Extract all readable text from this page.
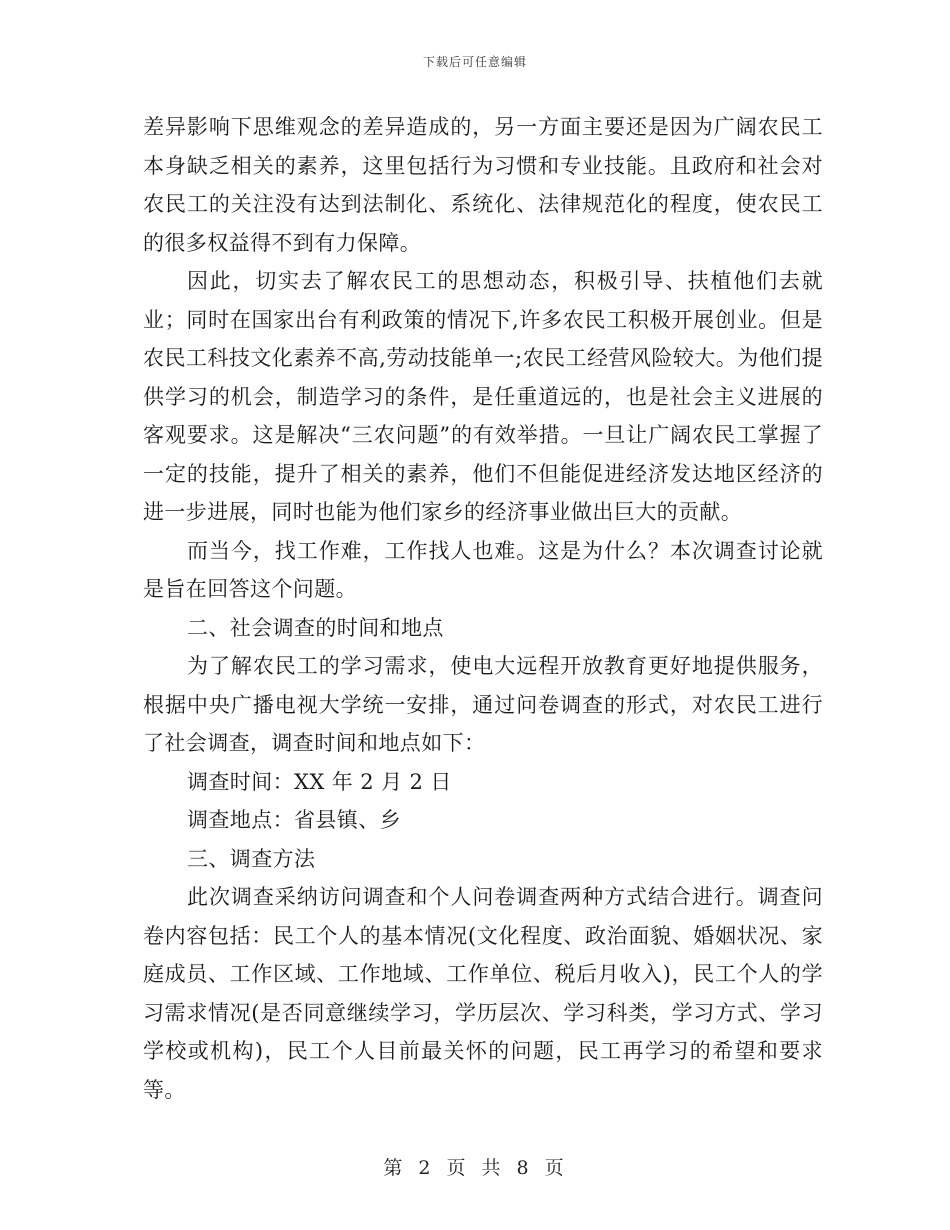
下载后可任意编辑

差异影响下思维观念的差异造成的，另一方面主要还是因为广阔农民工本身缺乏相关的素养，这里包括行为习惯和专业技能。且政府和社会对农民工的关注没有达到法制化、系统化、法律规范化的程度，使农民工的很多权益得不到有力保障。

因此，切实去了解农民工的思想动态，积极引导、扶植他们去就业；同时在国家出台有利政策的情况下,许多农民工积极开展创业。但是农民工科技文化素养不高,劳动技能单一;农民工经营风险较大。为他们提供学习的机会，制造学习的条件，是任重道远的，也是社会主义进展的客观要求。这是解决“三农问题”的有效举措。一旦让广阔农民工掌握了一定的技能，提升了相关的素养，他们不但能促进经济发达地区经济的进一步进展，同时也能为他们家乡的经济事业做出巨大的贡献。

而当今，找工作难，工作找人也难。这是为什么？本次调查讨论就是旨在回答这个问题。

二、社会调查的时间和地点

为了解农民工的学习需求，使电大远程开放教育更好地提供服务，根据中央广播电视大学统一安排，通过问卷调查的形式，对农民工进行了社会调查，调查时间和地点如下：

调查时间：XX 年 2 月 2 日

调查地点：省县镇、乡

三、调查方法

此次调查采纳访问调查和个人问卷调查两种方式结合进行。调查问卷内容包括：民工个人的基本情况(文化程度、政治面貌、婚姻状况、家庭成员、工作区域、工作地域、工作单位、税后月收入)，民工个人的学习需求情况(是否同意继续学习，学历层次、学习科类，学习方式、学习学校或机构)，民工个人目前最关怀的问题，民工再学习的希望和要求等。

第 2 页 共 8 页
